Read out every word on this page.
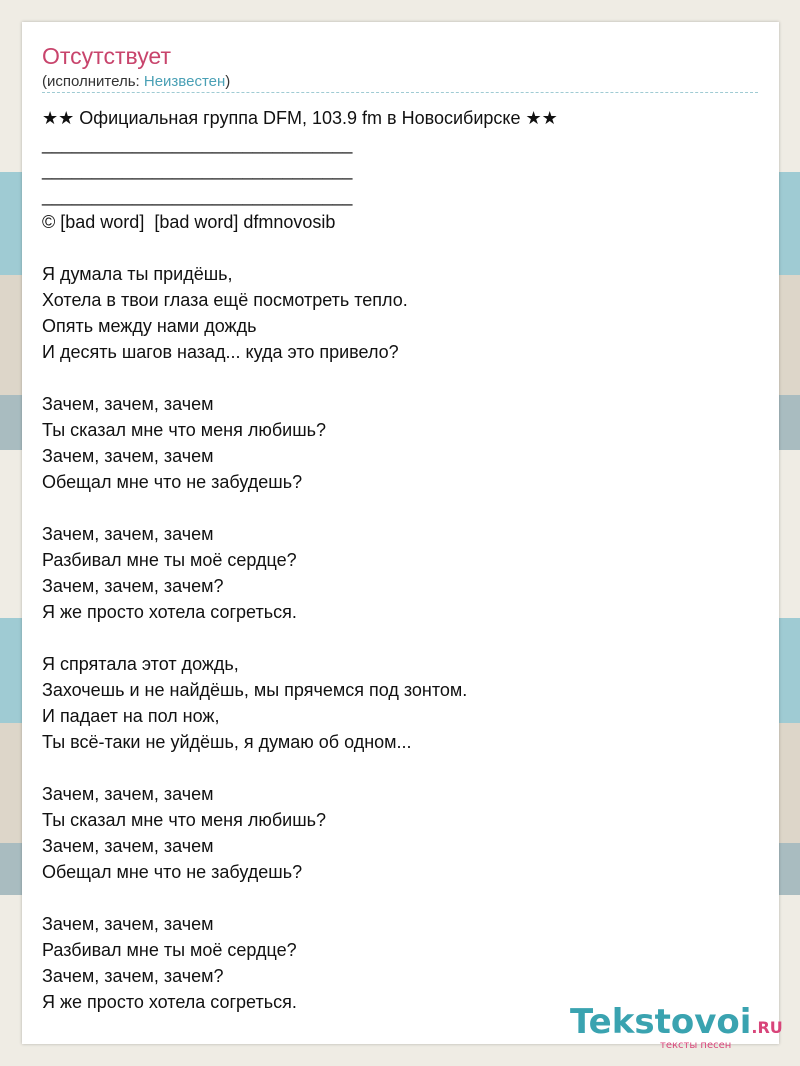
Отсутствует
(исполнитель: Неизвестен)
★★ Официальная группа DFM, 103.9 fm в Новосибирске ★★
_______________________________
_______________________________
_______________________________
© [bad word]  [bad word] dfmnovosib
Я думала ты придёшь,
Хотела в твои глаза ещё посмотреть тепло.
Опять между нами дождь
И десять шагов назад... куда это привело?
Зачем, зачем, зачем
Ты сказал мне что меня любишь?
Зачем, зачем, зачем
Обещал мне что не забудешь?
Зачем, зачем, зачем
Разбивал мне ты моё сердце?
Зачем, зачем, зачем?
Я же просто хотела согреться.
Я спрятала этот дождь,
Захочешь и не найдёшь, мы прячемся под зонтом.
И падает на пол нож,
Ты всё-таки не уйдёшь, я думаю об одном...
Зачем, зачем, зачем
Ты сказал мне что меня любишь?
Зачем, зачем, зачем
Обещал мне что не забудешь?
Зачем, зачем, зачем
Разбивал мне ты моё сердце?
Зачем, зачем, зачем?
Я же просто хотела согреться.	Tekstovoi.RU
тексты песен
